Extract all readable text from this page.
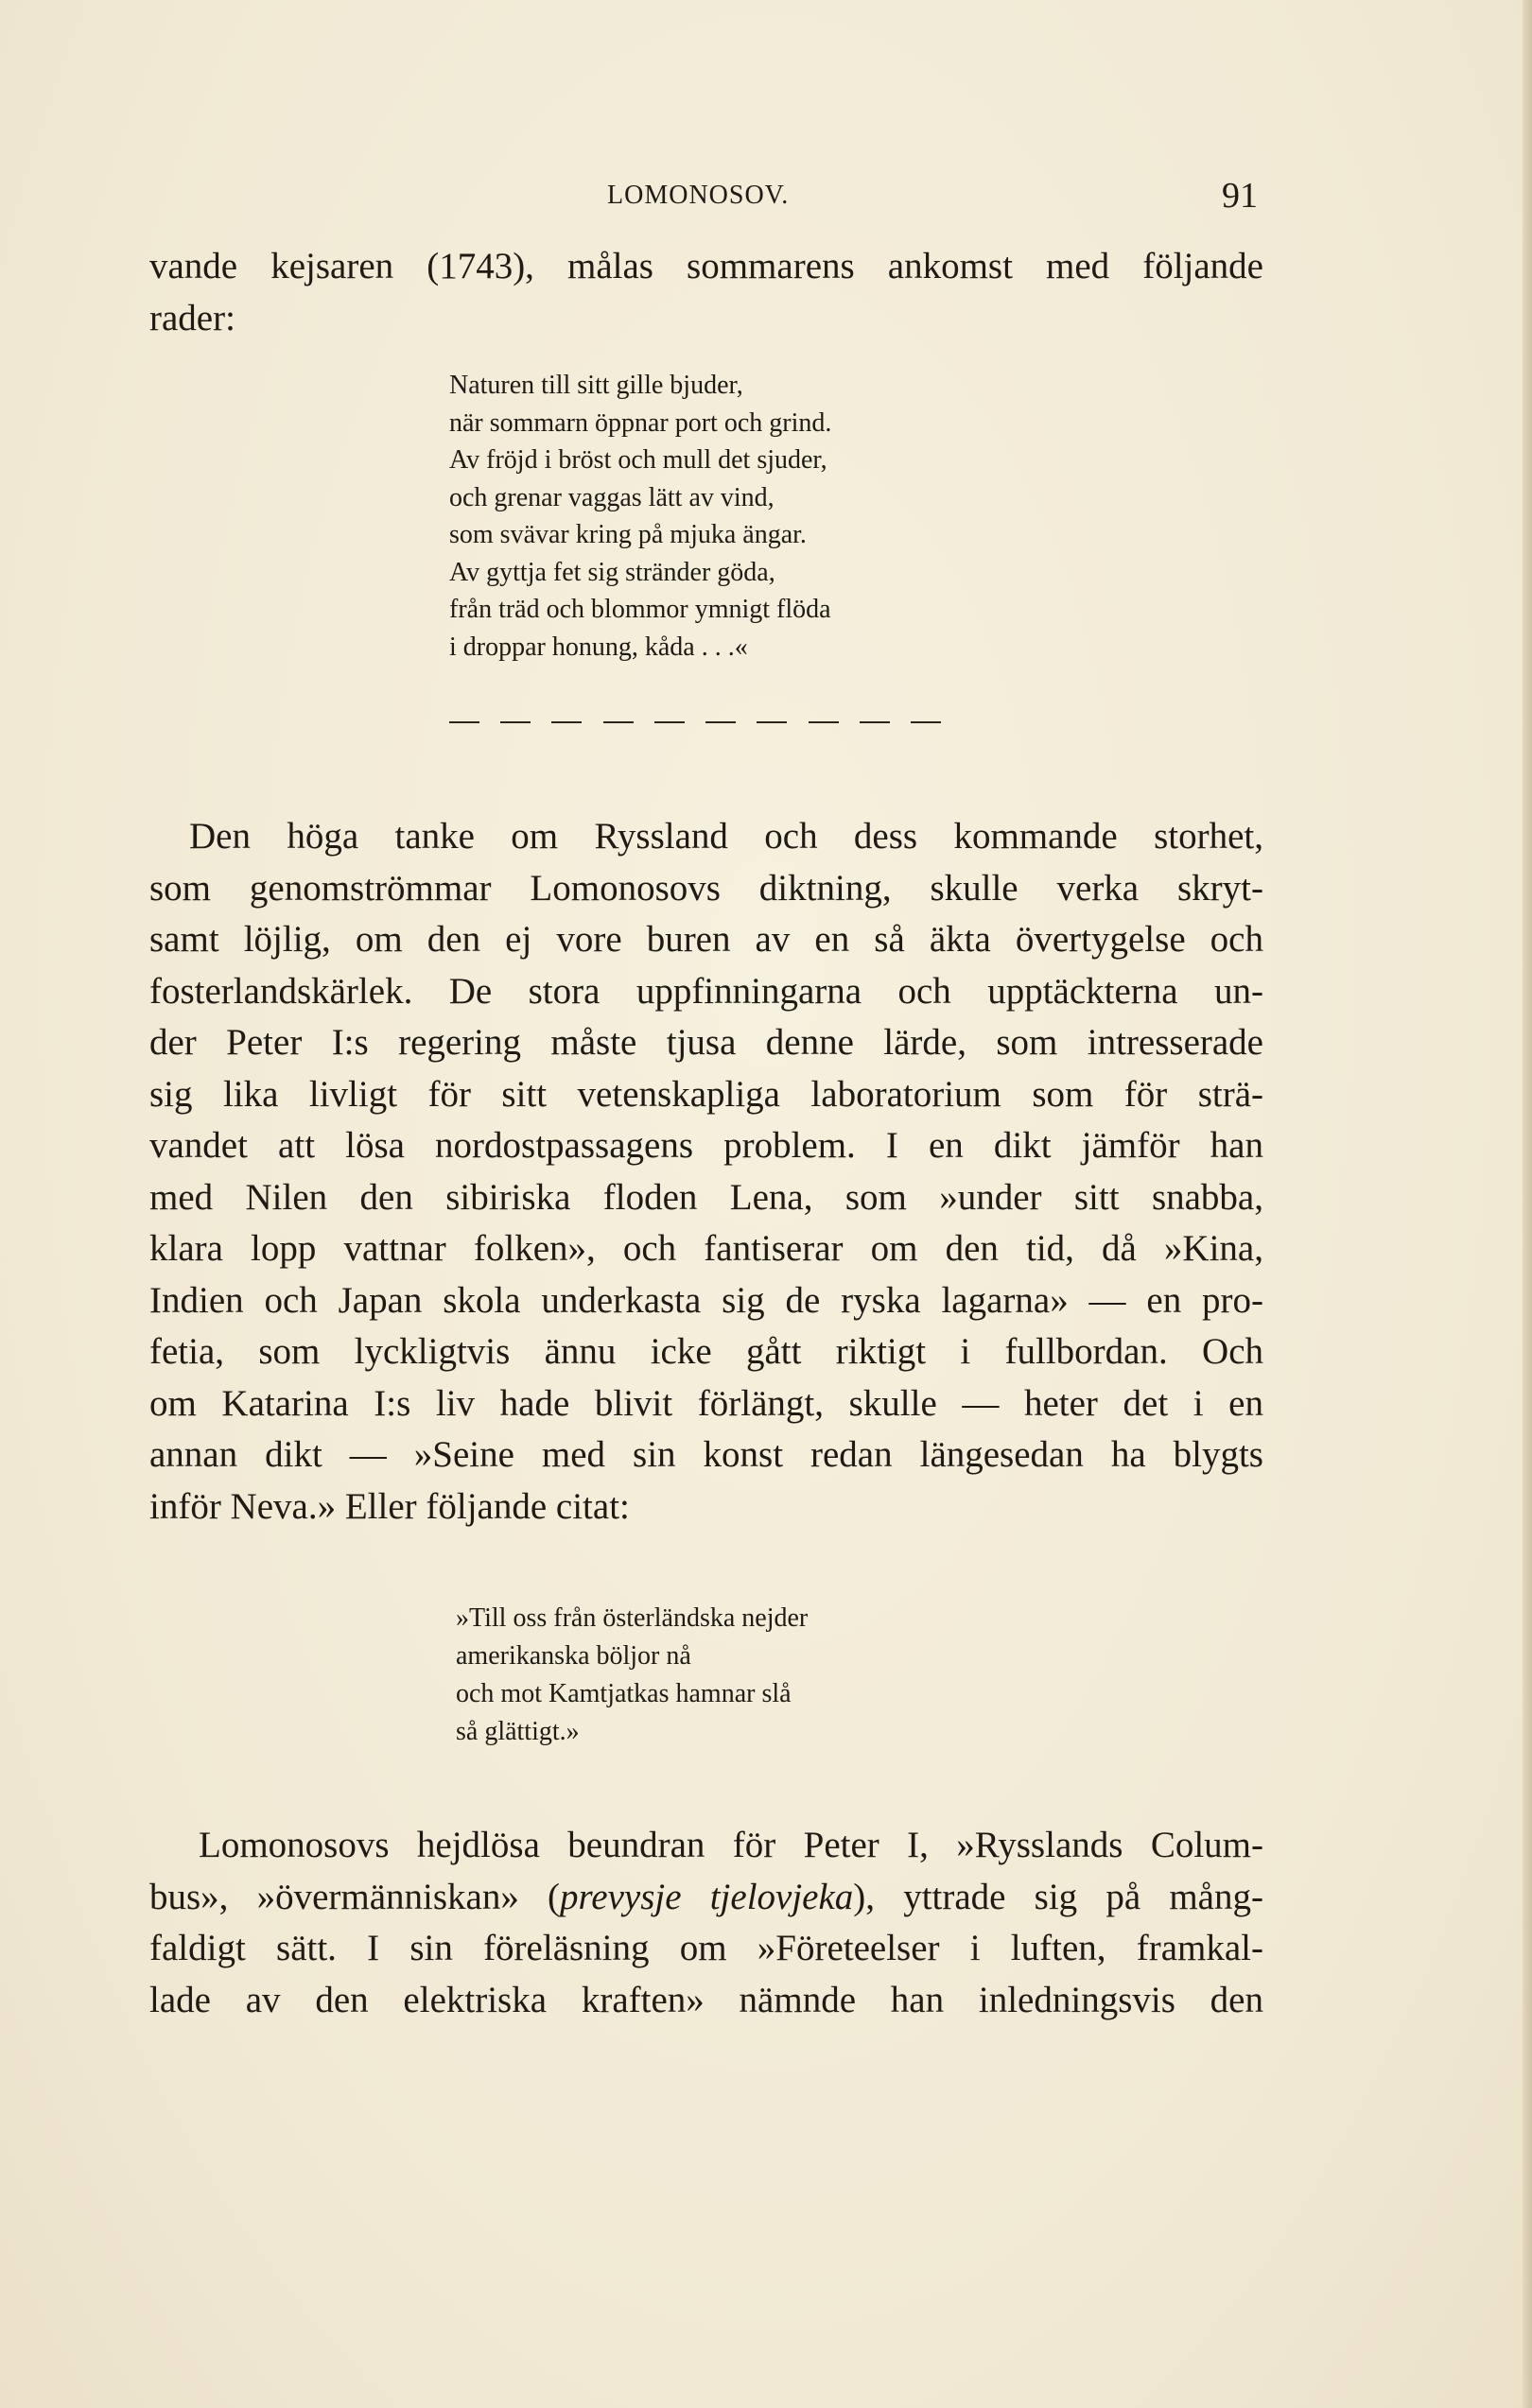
LOMONOSOV.	91

vande kejsaren (1743), målas sommarens ankomst med följande
rader:

Naturen till sitt gille bjuder,
när sommarn öppnar port och grind.
Av fröjd i bröst och mull det sjuder,
och grenar vaggas lätt av vind,
som svävar kring på mjuka ängar.
Av gyttja fet sig stränder göda,
från träd och blommor ymnigt flöda
i droppar honung, kåda . . .«

Den höga tanke om Ryssland och dess kommande storhet,
som genomströmmar Lomonosovs diktning, skulle verka skryt-
samt löjlig, om den ej vore buren av en så äkta övertygelse och
fosterlandskärlek. De stora uppfinningarna och upptäckterna un-
der Peter I:s regering måste tjusa denne lärde, som intresserade
sig lika livligt för sitt vetenskapliga laboratorium som för strä-
vandet att lösa nordostpassagens problem. I en dikt jämför han
med Nilen den sibiriska floden Lena, som »under sitt snabba,
klara lopp vattnar folken», och fantiserar om den tid, då »Kina,
Indien och Japan skola underkasta sig de ryska lagarna» — en pro-
fetia, som lyckligtvis ännu icke gått riktigt i fullbordan. Och
om Katarina I:s liv hade blivit förlängt, skulle — heter det i en
annan dikt — »Seine med sin konst redan längesedan ha blygts
inför Neva.» Eller följande citat:

»Till oss från österländska nejder
amerikanska böljor nå
och mot Kamtjatkas hamnar slå
så glättigt.»

Lomonosovs hejdlösa beundran för Peter I, »Rysslands Colum-
bus», »övermänniskan» (prevysje tjelovjeka), yttrade sig på mång-
faldigt sätt. I sin föreläsning om »Företeelser i luften, framkal-
lade av den elektriska kraften» nämnde han inledningsvis den
